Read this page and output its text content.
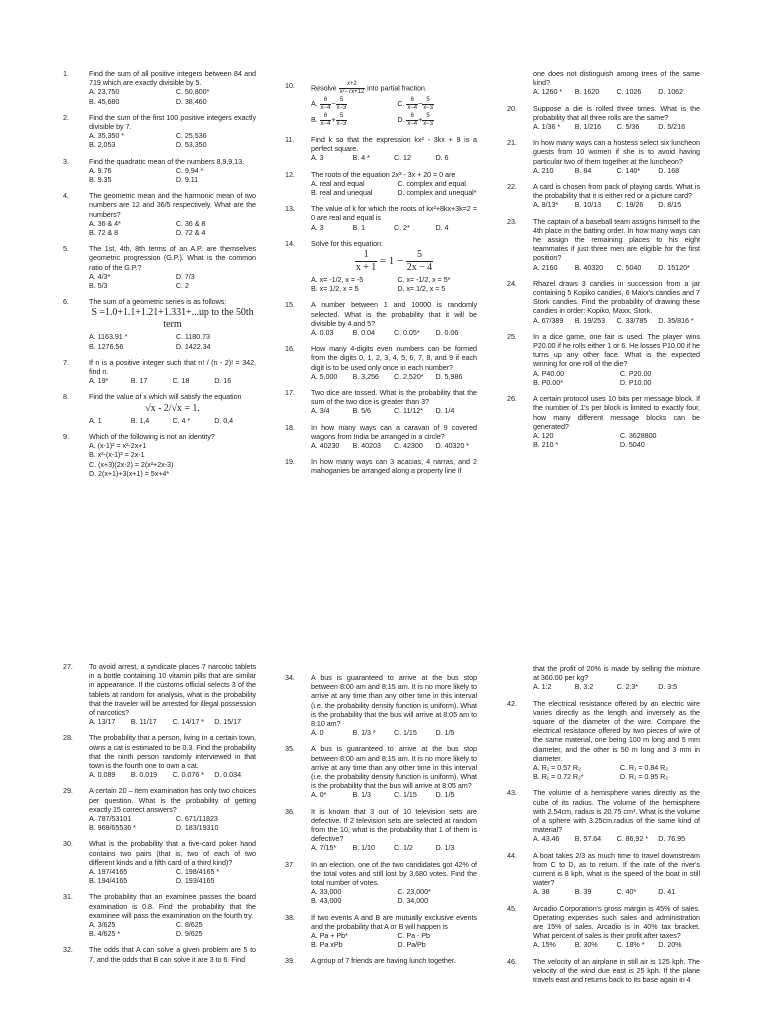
1.	Find the sum of all positive integers between 84 and 719 which are exactly divisible by 5.
A. 23,750	C. 50,800*
B. 45,680	D. 38,460
2.	Find the sum of the first 100 positive integers exactly divisible by 7.
A. 35,350 *	C. 25,536
B. 2,053	D. 53,350
3.	Find the quadratic mean of the numbers 8,9,9,13.
A. 9.76	C. 9.94 *
B. 9.35	D. 9.11
4.	The geometric mean and the harmonic mean of two numbers are 12 and 36/5 respectively. What are the numbers?
A. 36 & 4*	C. 36 & 8
B. 72 & 8	D. 72 & 4
5.	The 1st, 4th, 8th terms of an A.P. are themselves geometric progression (G.P.). What is the common ratio of the G.P.?
A. 4/3*	D. 7/3
B. 5/3	C. 2
6.	The sum of a geometric series is as follows:
S =1.0+1.1+1.21+1.331+...up to the 50th term
A. 1163.91 *	C. 1180.73
B. 1276.56	D. 1422.34
7.	If n is a positive integer such that n! / (n - 2)! = 342, find n.
A. 19*	B. 17	C. 18	D. 16
8.	Find the value of x which will satisfy the equation
√x - 2/√x = 1.
A. 1	B. 1,4	C. 4 *	D. 0,4
9.	Which of the following is not an identity?
A. (x-1)² = x²-2x+1
B. x²-(x-1)² = 2x-1
C. (x+3)(2x-2) = 2(x²+2x-3)
D. 2(x+1)+3(x+1) = 5x+4*
10.	Resolve $\frac{x+2}{\text{x²−7x+12}}$ into partial fraction.
A. $\frac{6}{x-4} - \frac{5}{x-3}$	C. $\frac{6}{x-4} - \frac{5}{x-3}$
B. $\frac{6}{x-4} + \frac{5}{x-3}$	D. $\frac{6}{x-4} + \frac{5}{x-3}$
11.	Find k so that the expression kx² - 3kx + 9 is a perfect square.
A. 3	B. 4 *	C. 12	D. 6
12.	The roots of the equation 2x² - 3x + 20 = 0 are
A. real and equal	C. complex and equal
B. real and unequal	D. complex and unequal*
13.	The value of k for which the roots of kx²+8kx+3k=2 = 0 are real and equal is
A. 3	B. 1	C. 2*	D. 4
14.	Solve for this equation:
$\frac{1}{x + 1} = 1 - \frac{5}{2x - 4}$
A. x= -1/2, x = -5	C. x= -1/2, x = 5*
B. x= 1/2, x = 5	D. x= 1/2, x = 5
15.	A number between 1 and 10000 is randomly selected. What is the probability that it will be divisible by 4 and 5?
A. 0.03	B. 0.04	C. 0.05*	D. 0.06
16.	How many 4-digits even numbers can be formed from the digits 0, 1, 2, 3, 4, 5, 6, 7, 8, and 9 if each digit is to be used only once in each number?
A. 5,000	B. 3,256	C. 2,520*	D. 5,986
17.	Two dice are tossed. What is the probability that the sum of the two dice is greater than 3?
A. 3/4	B. 5/6	C. 11/12*	D. 1/4
18.	In how many ways can a caravan of 9 covered wagons from India be arranged in a circle?
A. 40230	B. 40203	C. 42300	D. 40320 *
19.	In how many ways can 3 acacias, 4 narras, and 2 mahoganies be arranged along a property line if
one does not distinguish among trees of the same kind?
A. 1260 *	B. 1620	C. 1026	D. 1062
20.	Suppose a die is rolled three times. What is the probability that all three rolls are the same?
A. 1/36 *	B. 1/216	C. 5/36	D. 5/216
21.	In how many ways can a hostess select six luncheon guests from 10 women if she is to avoid having particular two of them together at the luncheon?
A. 210	B. 84	C. 140*	D. 168
22.	A card is chosen from pack of playing cards. What is the probability that it is either red or a picture card?
A. 8/13*	B. 10/13	C. 19/26	D. 8/15
23.	The captain of a baseball team assigns himself to the 4th place in the batting order. In how many ways can he assign the remaining places to his eight teammates if just three men are eligible for the first position?
A. 2160	B. 40320	C. 5040	D. 15120*
24.	Rhazel draws 3 candies in succession from a jar containing 5 Kopiko candies, 6 Maxx's candies and 7 Stork candies. Find the probability of drawing these candies in order: Kopiko, Maxx, Stork.
A. 67/389	B. 19/253	C. 33/785	D. 35/816 *
25.	In a dice game, one fair is used. The player wins P20.00 if he rolls either 1 or 6. He losses P10.00 if he turns up any other face. What is the expected winning for one roll of the die?
A. P40.00	C. P20.00
B. P0.00*	D. P10.00
26.	A certain protocol uses 10 bits per message block. If the number of 1's per block is limited to exactly four, how many different message blocks can be generated?
A. 120	C. 3628800
B. 210 *	D. 5040
27.	To avoid arrest, a syndicate places 7 narcotic tablets in a bottle containing 10 vitamin pills that are similar in appearance. If the customs official selects 3 of the tablets at random for analysis, what is the probability that the traveler will be arrested for illegal possession of narcotics?
A. 13/17	B. 11/17	C. 14/17 *	D. 15/17
28.	The probability that a person, living in a certain town, owns a cat is estimated to be 0.3. Find the probability that the ninth person randomly interviewed in that town is the fourth one to own a cat.
A. 0.089	B. 0.019	C. 0.076 *	D. 0.034
29.	A certain 20 – item examination has only two choices per question. What is the probability of getting exactly 15 correct answers?
A. 787/53101	C. 671/11823
B. 969/65536 *	D. 183/19310
30.	What is the probability that a five-card poker hand contains two pairs (that is, two of each of two different kinds and a fifth card of a third kind)?
A. 197/4165	C. 198/4165 *
B. 194/4165	D. 193/4165
31.	The probability that an examinee passes the board examination is 0.8. Find the probability that the examinee will pass the examination on the fourth try.
A. 3/625	C. 8/625
B. 4/625 *	D. 9/625
32.	The odds that A can solve a given problem are 5 to 7, and the odds that B can solve it are 3 to 6. Find
34.	A bus is guaranteed to arrive at the bus stop between 8:00 am and 8:15 am. It is no more likely to arrive at any time than any other time in this interval (i.e. the probability density function is uniform). What is the probability that the bus will arrive at 8:05 am to 8:10 am?
A. 0	B. 1/3 *	C. 1/15	D. 1/5
35.	A bus is guaranteed to arrive at the bus stop between 8:00 am and 8:15 am. It is no more likely to arrive at any time than any other time in this interval (i.e. the probability density function is uniform). What is the probability that the bus will arrive at 8:05 am?
A. 0*	B. 1/3	C. 1/15	D. 1/5
36.	It is known that 3 out of 10 television sets are defective. If 2 television sets are selected at random from the 10, what is the probability that 1 of them is defective?
A. 7/15*	B. 1/10	C. 1/2	D. 1/3
37.	In an election, one of the two candidates got 42% of the total votes and still lost by 3,680 votes. Find the total number of votes.
A. 33,000	C. 23,000*
B. 43,000	D. 34,000
38.	If two events A and B are mutually exclusive events and the probability that A or B will happen is
A. Pa + Pb*	C. Pa - Pb
B. Pa xPb	D. Pa/Pb
39.	A group of 7 friends are having lunch together.
that the profit of 20% is made by selling the mixture at 360.00 per kg?
A. 1:2	B. 3:2	C. 2:3*	D. 3:5
42.	The electrical resistance offered by an electric wire varies directly as the length and inversely as the square of the diameter of the wire. Compare the electrical resistance offered by two pieces of wire of the same material, one being 100 m long and 5 mm diameter, and the other is 50 m long and 3 mm in diameter.
A. R₁ = 0.57 R₂	C. R₁ = 0.84 R₂
B. R₁ = 0.72 R₂*	D. R₁ = 0.95 R₂
43.	The volume of a hemisphere varies directly as the cube of its radius. The volume of the hemisphere with 2.54cm, radius is 20.75 cm³. What is the volume of a sphere with 3.25cm.radius of the same kind of material?
A. 43.46	B. 57.64	C. 86.92 *	D. 76.95
44.	A boat takes 2/3 as much time to travel downstream from C to D, as to return. If the rate of the river's current is 8 kph, what is the speed of the boat in still water?
A. 38	B. 39	C. 40*	D. 41
45.	Arcadio Corporation's gross margin is 45% of sales. Operating expenses such sales and administration are 15% of sales. Arcadio is in 40% tax bracket. What percent of sales is their profit after taxes?
A. 15%	B. 30%	C. 18% *	D. 20%
46.	The velocity of an airplane in still air is 125 kph. The velocity of the wind due east is 25 kph. If the plane travels east and returns back to its base again in 4
